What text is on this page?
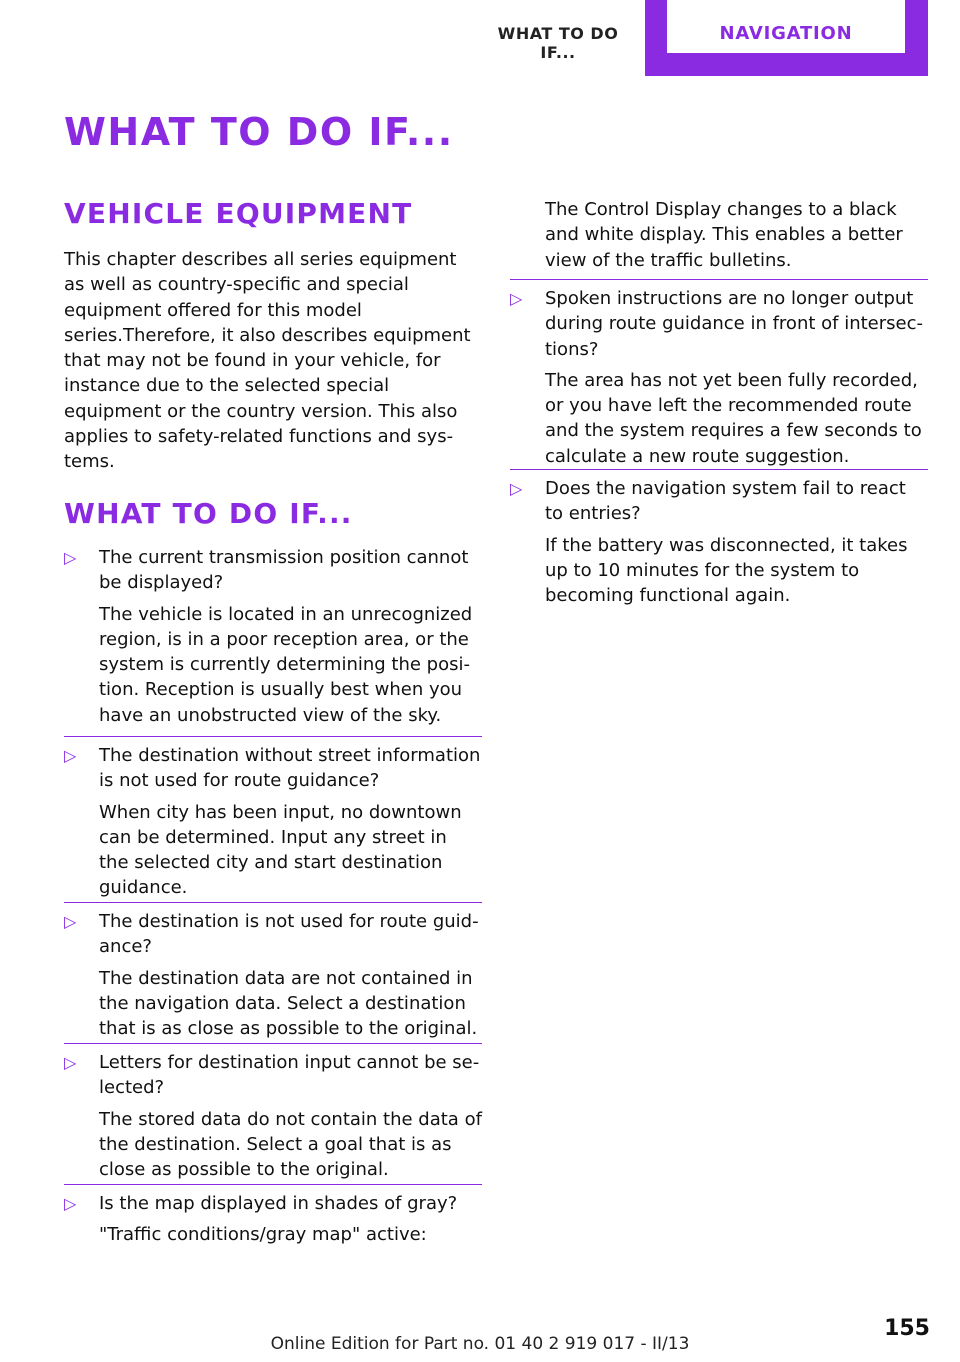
WHAT TO DO IF...
NAVIGATION
WHAT TO DO IF...
VEHICLE EQUIPMENT

This chapter describes all series equipment as well as country-specific and special equipment offered for this model series.Therefore, it also describes equipment that may not be found in your vehicle, for instance due to the selected special equipment or the country version. This also applies to safety-related functions and systems.

WHAT TO DO IF...
▷ The current transmission position cannot be displayed?
The vehicle is located in an unrecognized region, is in a poor reception area, or the system is currently determining the position. Reception is usually best when you have an unobstructed view of the sky.
▷ The destination without street information is not used for route guidance?
When city has been input, no downtown can be determined. Input any street in the selected city and start destination guidance.
▷ The destination is not used for route guidance?
The destination data are not contained in the navigation data. Select a destination that is as close as possible to the original.
▷ Letters for destination input cannot be selected?
The stored data do not contain the data of the destination. Select a goal that is as close as possible to the original.
▷ Is the map displayed in shades of gray?
"Traffic conditions/gray map" active:
The Control Display changes to a black and white display. This enables a better view of the traffic bulletins.
▷ Spoken instructions are no longer output during route guidance in front of intersections?
The area has not yet been fully recorded, or you have left the recommended route and the system requires a few seconds to calculate a new route suggestion.
▷ Does the navigation system fail to react to entries?
If the battery was disconnected, it takes up to 10 minutes for the system to becoming functional again.
Online Edition for Part no. 01 40 2 919 017 - II/13
155
